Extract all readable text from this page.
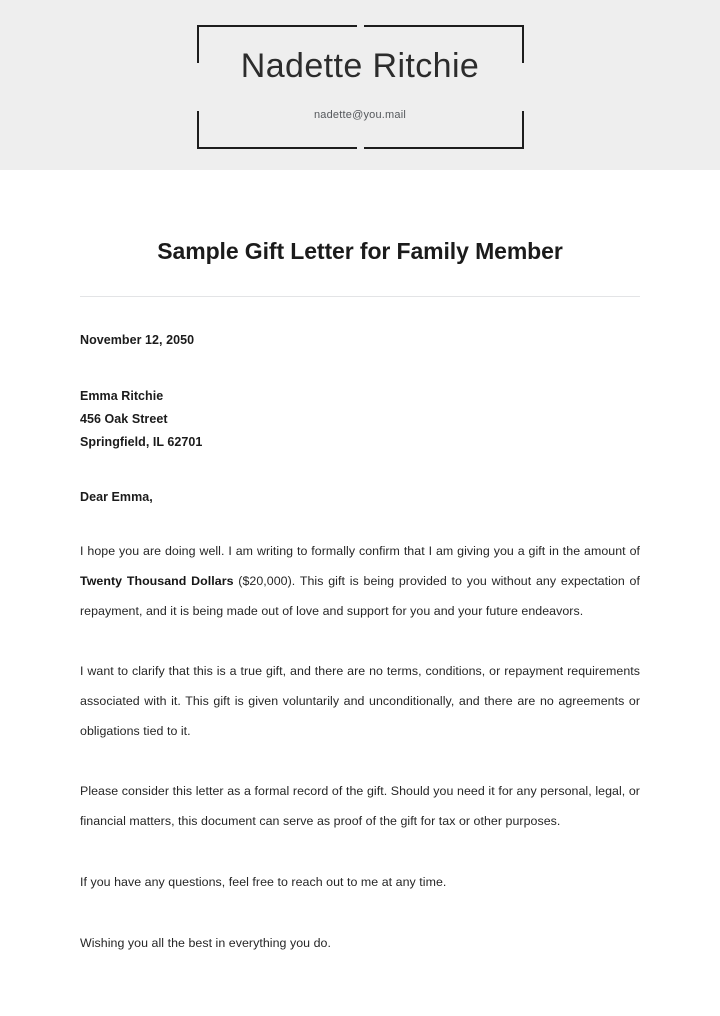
Nadette Ritchie
nadette@you.mail
Sample Gift Letter for Family Member
November 12, 2050
Emma Ritchie
456 Oak Street
Springfield, IL 62701
Dear Emma,

I hope you are doing well. I am writing to formally confirm that I am giving you a gift in the amount of Twenty Thousand Dollars ($20,000). This gift is being provided to you without any expectation of repayment, and it is being made out of love and support for you and your future endeavors.

I want to clarify that this is a true gift, and there are no terms, conditions, or repayment requirements associated with it. This gift is given voluntarily and unconditionally, and there are no agreements or obligations tied to it.

Please consider this letter as a formal record of the gift. Should you need it for any personal, legal, or financial matters, this document can serve as proof of the gift for tax or other purposes.

If you have any questions, feel free to reach out to me at any time.

Wishing you all the best in everything you do.
